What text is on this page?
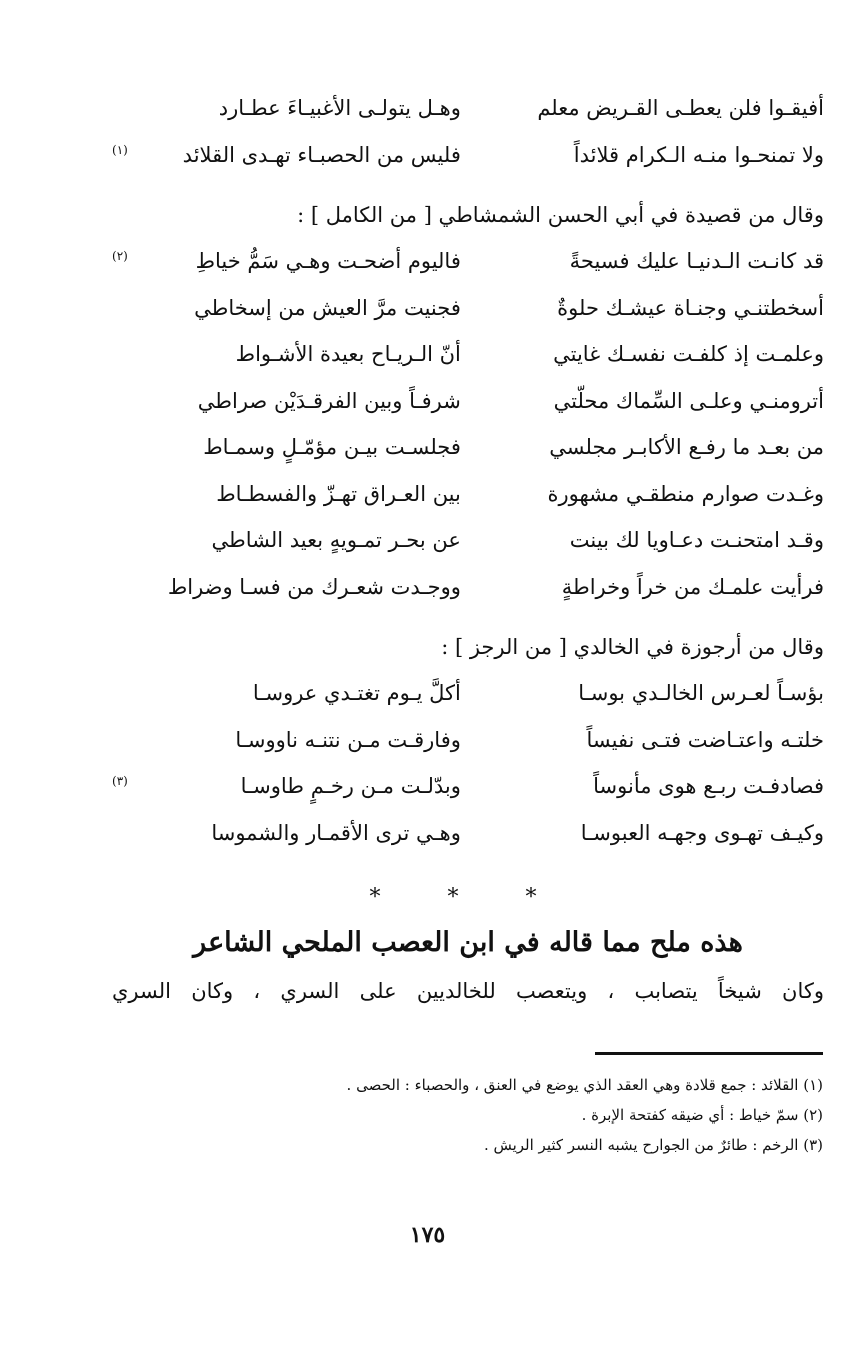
أفيقـوا فلن يعطـى القـريض معلم
وهـل يتولـى الأغبيـاءَ عطـارد
ولا تمنحـوا منـه الـكرام قلائداً
فليس من الحصبـاء تهـدى القلائد
(١)
وقال من قصيدة في أبي الحسن الشمشاطي [ من الكامل ] :
قد كانـت الـدنيـا عليك فسيحةً
فاليوم أضحـت وهـي سَمُّ خياطِ
(٢)
أسخطتنـي وجنـاة عيشـك حلوةٌ
فجنيت مرَّ العيش من إسخاطي
وعلمـت إذ كلفـت نفسـك غايتي
أنّ الـريـاح بعيدة الأشـواط
أترومنـي وعلـى السِّماك محلّتي
شرفـاً وبين الفرقـدَيْن صراطي
من بعـد ما رفـع الأكابـر مجلسي
فجلسـت بيـن مؤمّـلٍ وسمـاط
وغـدت صوارم منطقـي مشهورة
بين العـراق تهـزّ والفسطـاط
وقـد امتحنـت دعـاويا لك بينت
عن بحـر تمـويهٍ بعيد الشاطي
فرأيت علمـك من خراً وخراطةٍ
ووجـدت شعـرك من فسـا وضراط
وقال من أرجوزة في الخالدي [ من الرجز ] :
بؤسـاً لعـرس الخالـدي بوسـا
أكلَّ يـوم تغتـدي عروسـا
خلتـه واعتـاضت فتـى نفيساً
وفارقـت مـن نتنـه ناووسـا
فصادفـت ربـع هوى مأنوساً
وبدّلـت مـن رخـمٍ طاوسـا
(٣)
وكيـف تهـوى وجهـه العبوسـا
وهـي ترى الأقمـار والشموسا
* * *
هذه ملح مما قاله في ابن العصب الملحي الشاعر
وكان شيخاً يتصابب ، ويتعصب للخالديين على السري ، وكان السري
(١) القلائد : جمع قلادة وهي العقد الذي يوضع في العنق ، والحصباء : الحصى .
(٢) سمّ خياط : أي ضيقه كفتحة الإبرة .
(٣) الرخم : طائرٌ من الجوارح يشبه النسر كثير الريش .
١٧٥
